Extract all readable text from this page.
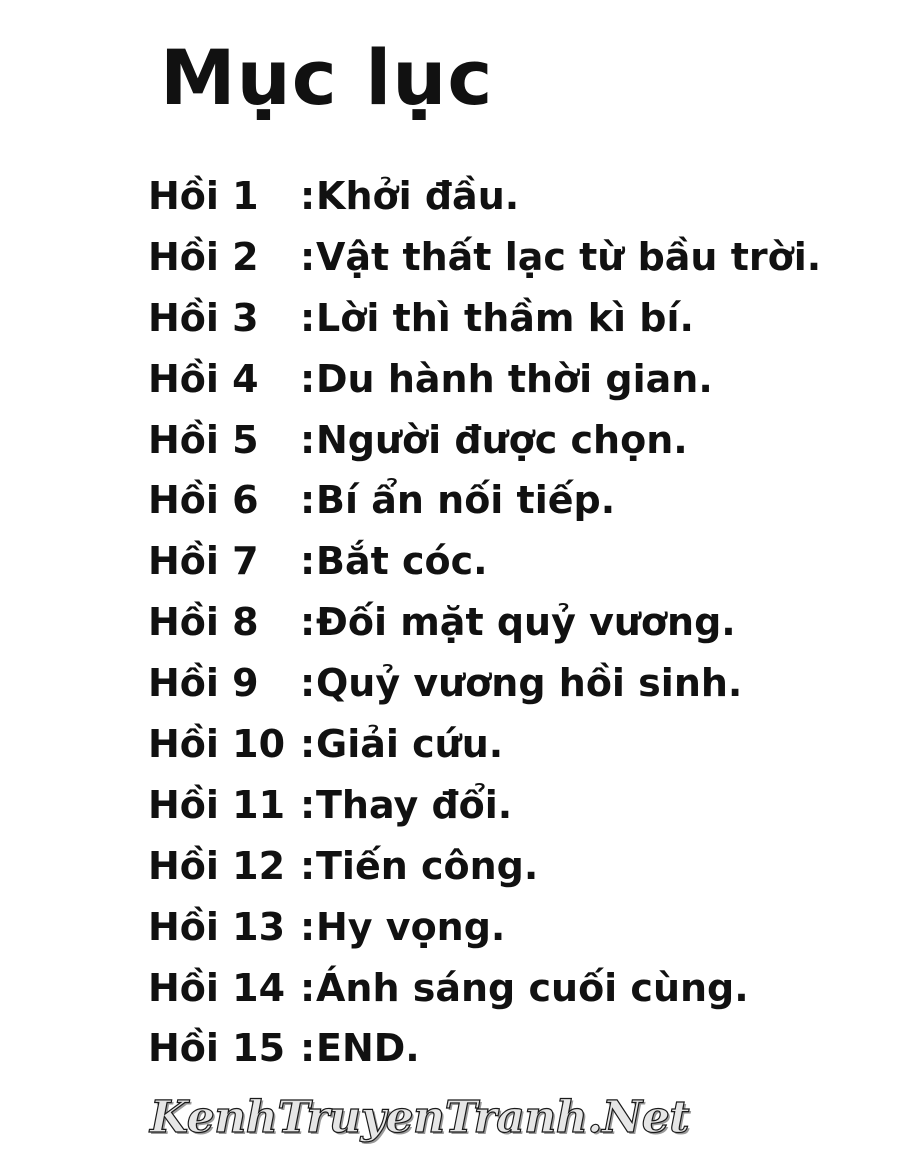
Mục lục
Hồi 1	: Khởi đầu.
Hồi 2	: Vật thất lạc từ bầu trời.
Hồi 3	: Lời thì thầm kì bí.
Hồi 4	: Du hành thời gian.
Hồi 5	: Người được chọn.
Hồi 6	: Bí ẩn nối tiếp.
Hồi 7	: Bắt cóc.
Hồi 8	: Đối mặt quỷ vương.
Hồi 9	: Quỷ vương hồi sinh.
Hồi 10 : Giải cứu.
Hồi 11 : Thay đổi.
Hồi 12 : Tiến công.
Hồi 13 : Hy vọng.
Hồi 14 : Ánh sáng cuối cùng.
Hồi 15 : END.
KenhTruyenTranh.Net
